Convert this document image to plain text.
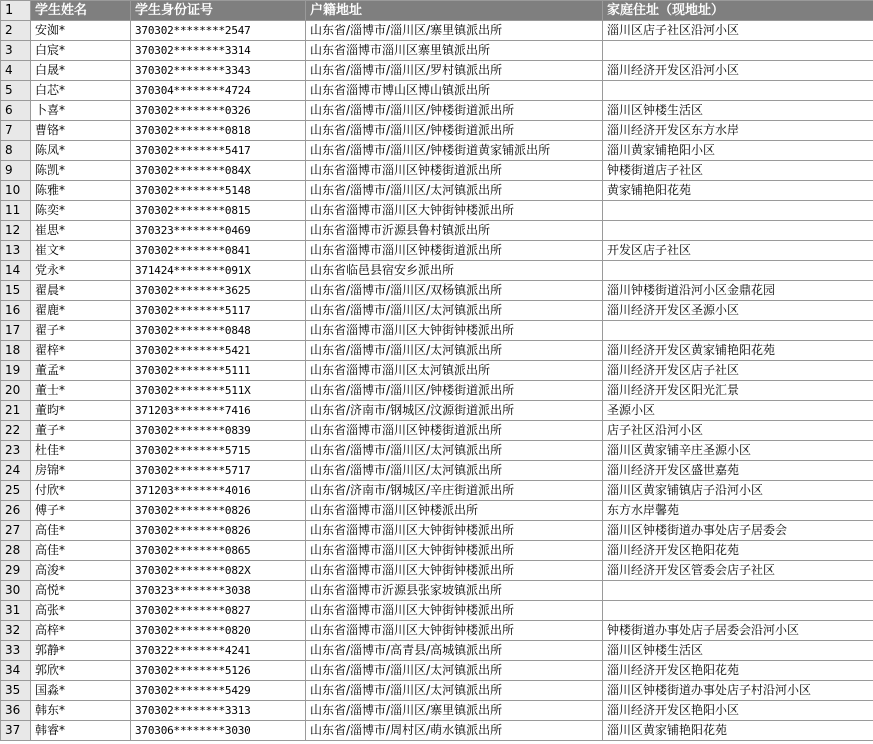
1	学生姓名	学生身份证号	户籍地址	家庭住址（现地址）
2	安洳*	370302********2547	山东省/淄博市/淄川区/寨里镇派出所	淄川区店子社区沿河小区
3	白宸*	370302********3314	山东省淄博市淄川区寨里镇派出所	
4	白晟*	370302********3343	山东省/淄博市/淄川区/罗村镇派出所	淄川经济开发区沿河小区
5	白芯*	370304********4724	山东省淄博市博山区博山镇派出所	
6	卜喜*	370302********0326	山东省/淄博市/淄川区/钟楼街道派出所	淄川区钟楼生活区
7	曹铬*	370302********0818	山东省/淄博市/淄川区/钟楼街道派出所	淄川经济开发区东方水岸
8	陈凤*	370302********5417	山东省/淄博市/淄川区/钟楼街道黄家铺派出所	淄川黄家铺艳阳小区
9	陈凯*	370302********084X	山东省淄博市淄川区钟楼街道派出所	钟楼街道店子社区
10	陈雅*	370302********5148	山东省/淄博市/淄川区/太河镇派出所	黄家铺艳阳花苑
11	陈奕*	370302********0815	山东省淄博市淄川区大钟街钟楼派出所	
12	崔思*	370323********0469	山东省淄博市沂源县鲁村镇派出所	
13	崔文*	370302********0841	山东省淄博市淄川区钟楼街道派出所	开发区店子社区
14	党永*	371424********091X	山东省临邑县宿安乡派出所	
15	翟晨*	370302********3625	山东省/淄博市/淄川区/双杨镇派出所	淄川钟楼街道沿河小区金鼎花园
16	翟鹿*	370302********5117	山东省/淄博市/淄川区/太河镇派出所	淄川经济开发区圣源小区
17	翟子*	370302********0848	山东省淄博市淄川区大钟街钟楼派出所	
18	翟梓*	370302********5421	山东省/淄博市/淄川区/太河镇派出所	淄川经济开发区黄家铺艳阳花苑
19	董孟*	370302********5111	山东省淄博市淄川区太河镇派出所	淄川经济开发区店子社区
20	董士*	370302********511X	山东省/淄博市/淄川区/钟楼街道派出所	淄川经济开发区阳光汇景
21	董昀*	371203********7416	山东省/济南市/钢城区/汶源街道派出所	圣源小区
22	董子*	370302********0839	山东省淄博市淄川区钟楼街道派出所	店子社区沿河小区
23	杜佳*	370302********5715	山东省/淄博市/淄川区/太河镇派出所	淄川区黄家铺辛庄圣源小区
24	房锦*	370302********5717	山东省/淄博市/淄川区/太河镇派出所	淄川经济开发区盛世嘉苑
25	付欣*	371203********4016	山东省/济南市/钢城区/辛庄街道派出所	淄川区黄家铺镇店子沿河小区
26	傅子*	370302********0826	山东省淄博市淄川区钟楼派出所	东方水岸馨苑
27	高佳*	370302********0826	山东省淄博市淄川区大钟街钟楼派出所	淄川区钟楼街道办事处店子居委会
28	高佳*	370302********0865	山东省淄博市淄川区大钟街钟楼派出所	淄川经济开发区艳阳花苑
29	高浚*	370302********082X	山东省淄博市淄川区大钟街钟楼派出所	淄川经济开发区管委会店子社区
30	高悦*	370323********3038	山东省淄博市沂源县张家坡镇派出所	
31	高张*	370302********0827	山东省淄博市淄川区大钟街钟楼派出所	
32	高梓*	370302********0820	山东省淄博市淄川区大钟街钟楼派出所	钟楼街道办事处店子居委会沿河小区
33	郭静*	370322********4241	山东省/淄博市/高青县/高城镇派出所	淄川区钟楼生活区
34	郭欣*	370302********5126	山东省/淄博市/淄川区/太河镇派出所	淄川经济开发区艳阳花苑
35	国淼*	370302********5429	山东省/淄博市/淄川区/太河镇派出所	淄川区钟楼街道办事处店子村沿河小区
36	韩东*	370302********3313	山东省/淄博市/淄川区/寨里镇派出所	淄川经济开发区艳阳小区
37	韩睿*	370306********3030	山东省/淄博市/周村区/萌水镇派出所	淄川区黄家铺艳阳花苑
